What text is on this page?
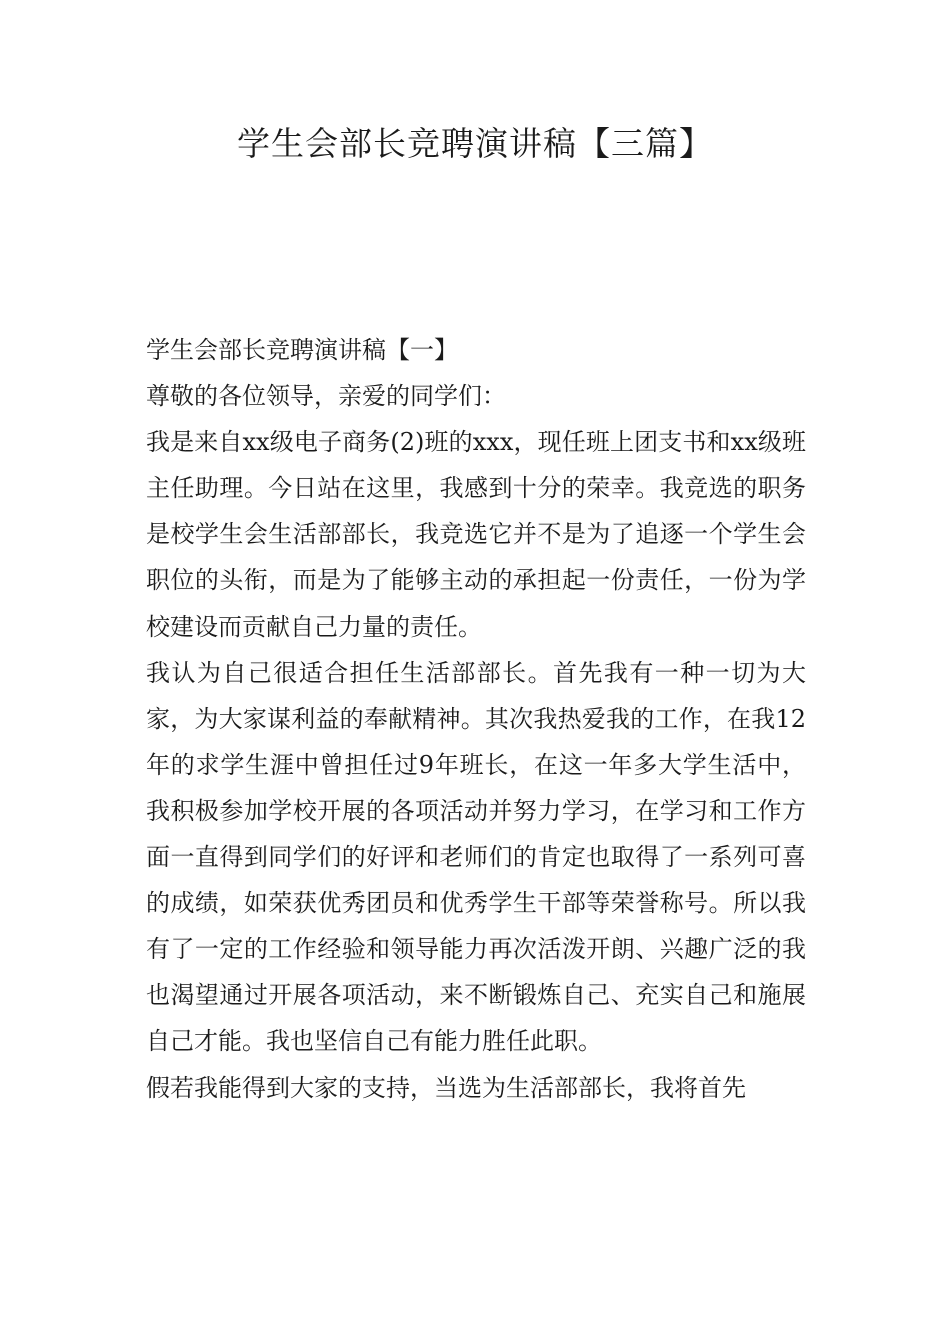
学生会部长竞聘演讲稿【三篇】

学生会部长竞聘演讲稿【一】

尊敬的各位领导，亲爱的同学们：

我是来自xx级电子商务(2)班的xxx，现任班上团支书和xx级班主任助理。今日站在这里，我感到十分的荣幸。我竞选的职务是校学生会生活部部长，我竞选它并不是为了追逐一个学生会职位的头衔，而是为了能够主动的承担起一份责任，一份为学校建设而贡献自己力量的责任。

我认为自己很适合担任生活部部长。首先我有一种一切为大家，为大家谋利益的奉献精神。其次我热爱我的工作，在我12年的求学生涯中曾担任过9年班长，在这一年多大学生活中，我积极参加学校开展的各项活动并努力学习，在学习和工作方面一直得到同学们的好评和老师们的肯定也取得了一系列可喜的成绩，如荣获优秀团员和优秀学生干部等荣誉称号。所以我有了一定的工作经验和领导能力再次活泼开朗、兴趣广泛的我也渴望通过开展各项活动，来不断锻炼自己、充实自己和施展自己才能。我也坚信自己有能力胜任此职。

假若我能得到大家的支持，当选为生活部部长，我将首先
